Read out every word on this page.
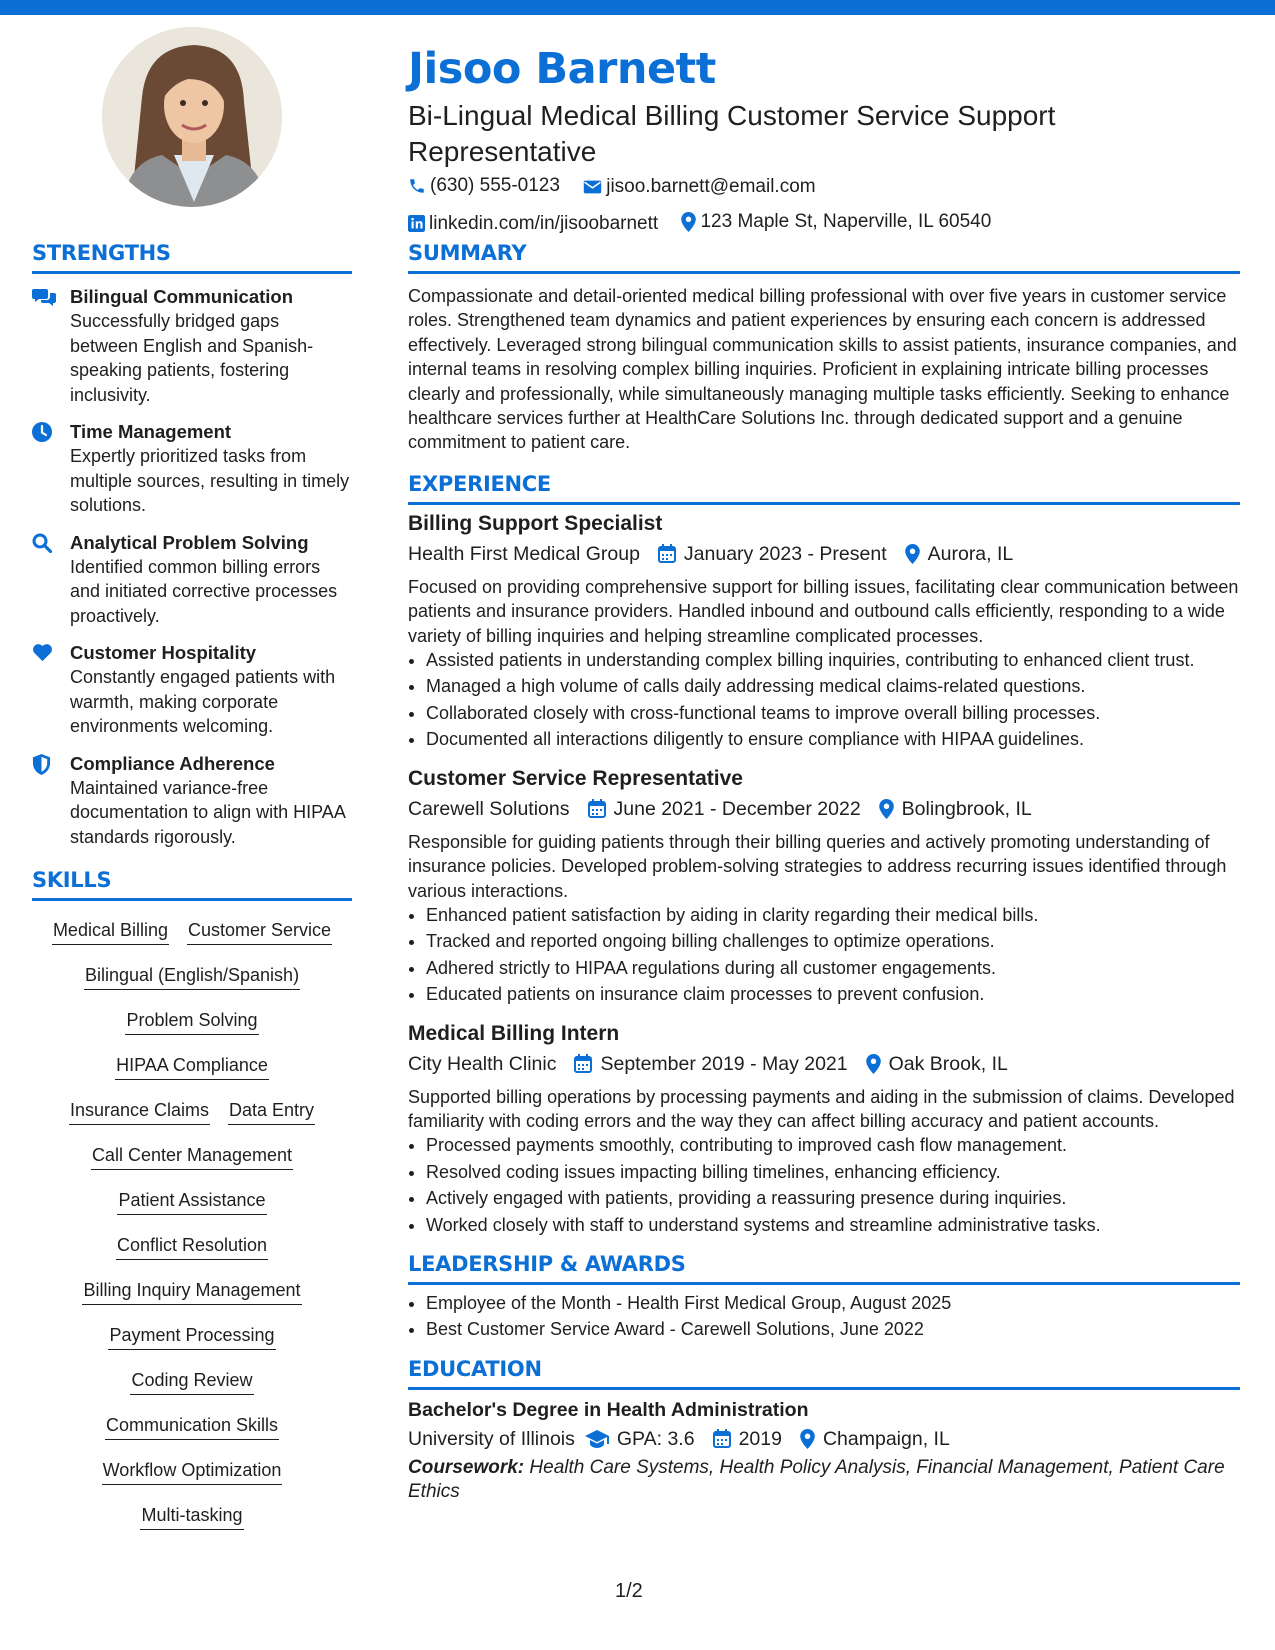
Jisoo Barnett
Bi-Lingual Medical Billing Customer Service Support Representative
(630) 555-0123
jisoo.barnett@email.com
linkedin.com/in/jisoobarnett
123 Maple St, Naperville, IL 60540
STRENGTHS
Bilingual Communication
Successfully bridged gaps between English and Spanish-speaking patients, fostering inclusivity.
Time Management
Expertly prioritized tasks from multiple sources, resulting in timely solutions.
Analytical Problem Solving
Identified common billing errors and initiated corrective processes proactively.
Customer Hospitality
Constantly engaged patients with warmth, making corporate environments welcoming.
Compliance Adherence
Maintained variance-free documentation to align with HIPAA standards rigorously.
SKILLS
Medical Billing Customer Service
Bilingual (English/Spanish)
Problem Solving
HIPAA Compliance
Insurance Claims Data Entry
Call Center Management
Patient Assistance
Conflict Resolution
Billing Inquiry Management
Payment Processing
Coding Review
Communication Skills
Workflow Optimization
Multi-tasking
SUMMARY
Compassionate and detail-oriented medical billing professional with over five years in customer service roles. Strengthened team dynamics and patient experiences by ensuring each concern is addressed effectively. Leveraged strong bilingual communication skills to assist patients, insurance companies, and internal teams in resolving complex billing inquiries. Proficient in explaining intricate billing processes clearly and professionally, while simultaneously managing multiple tasks efficiently. Seeking to enhance healthcare services further at HealthCare Solutions Inc. through dedicated support and a genuine commitment to patient care.
EXPERIENCE
Billing Support Specialist
Health First Medical Group January 2023 - Present Aurora, IL
Focused on providing comprehensive support for billing issues, facilitating clear communication between patients and insurance providers. Handled inbound and outbound calls efficiently, responding to a wide variety of billing inquiries and helping streamline complicated processes.
• Assisted patients in understanding complex billing inquiries, contributing to enhanced client trust.
• Managed a high volume of calls daily addressing medical claims-related questions.
• Collaborated closely with cross-functional teams to improve overall billing processes.
• Documented all interactions diligently to ensure compliance with HIPAA guidelines.
Customer Service Representative
Carewell Solutions June 2021 - December 2022 Bolingbrook, IL
Responsible for guiding patients through their billing queries and actively promoting understanding of insurance policies. Developed problem-solving strategies to address recurring issues identified through various interactions.
• Enhanced patient satisfaction by aiding in clarity regarding their medical bills.
• Tracked and reported ongoing billing challenges to optimize operations.
• Adhered strictly to HIPAA regulations during all customer engagements.
• Educated patients on insurance claim processes to prevent confusion.
Medical Billing Intern
City Health Clinic September 2019 - May 2021 Oak Brook, IL
Supported billing operations by processing payments and aiding in the submission of claims. Developed familiarity with coding errors and the way they can affect billing accuracy and patient accounts.
• Processed payments smoothly, contributing to improved cash flow management.
• Resolved coding issues impacting billing timelines, enhancing efficiency.
• Actively engaged with patients, providing a reassuring presence during inquiries.
• Worked closely with staff to understand systems and streamline administrative tasks.
LEADERSHIP & AWARDS
• Employee of the Month - Health First Medical Group, August 2025
• Best Customer Service Award - Carewell Solutions, June 2022
EDUCATION
Bachelor's Degree in Health Administration
University of Illinois GPA: 3.6 2019 Champaign, IL
Coursework: Health Care Systems, Health Policy Analysis, Financial Management, Patient Care Ethics
1/2
